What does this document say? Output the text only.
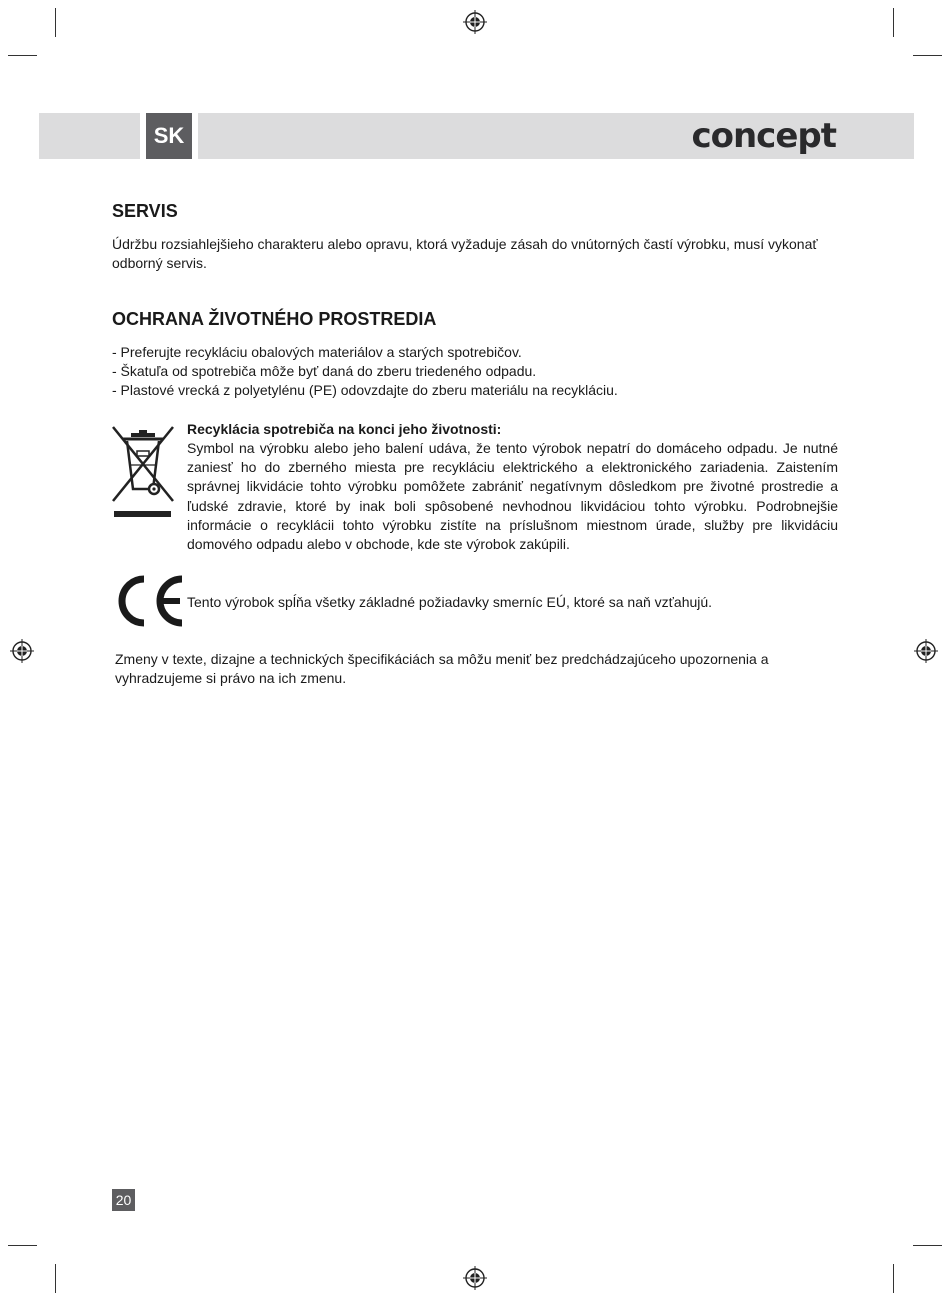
SK	concept
SERVIS

Údržbu rozsiahlejšieho charakteru alebo opravu, ktorá vyžaduje zásah do vnútorných častí výrobku, musí vykonať odborný servis.

OCHRANA ŽIVOTNÉHO PROSTREDIA
- Preferujte recykláciu obalových materiálov a starých spotrebičov.
- Škatuľa od spotrebiča môže byť daná do zberu triedeného odpadu.
- Plastové vrecká z polyetylénu (PE) odovzdajte do zberu materiálu na recykláciu.

Recyklácia spotrebiča na konci jeho životnosti:

Symbol na výrobku alebo jeho balení udáva, že tento výrobok nepatrí do domáceho odpadu. Je nutné zaniesť ho do zberného miesta pre recykláciu elektrického a elektronického zariadenia. Zaistením správnej likvidácie tohto výrobku pomôžete zabrániť negatívnym dôsledkom pre životné prostredie a ľudské zdravie, ktoré by inak boli spôsobené nevhodnou likvidáciou tohto výrobku. Podrobnejšie informácie o recyklácii tohto výrobku zistíte na príslušnom miestnom úrade, služby pre likvidáciu domového odpadu alebo v obchode, kde ste výrobok zakúpili.

Tento výrobok spĺňa všetky základné požiadavky smerníc EÚ, ktoré sa naň vzťahujú.

Zmeny v texte, dizajne a technických špecifikáciách sa môžu meniť bez predchádzajúceho upozornenia a vyhradzujeme si právo na ich zmenu.

20
